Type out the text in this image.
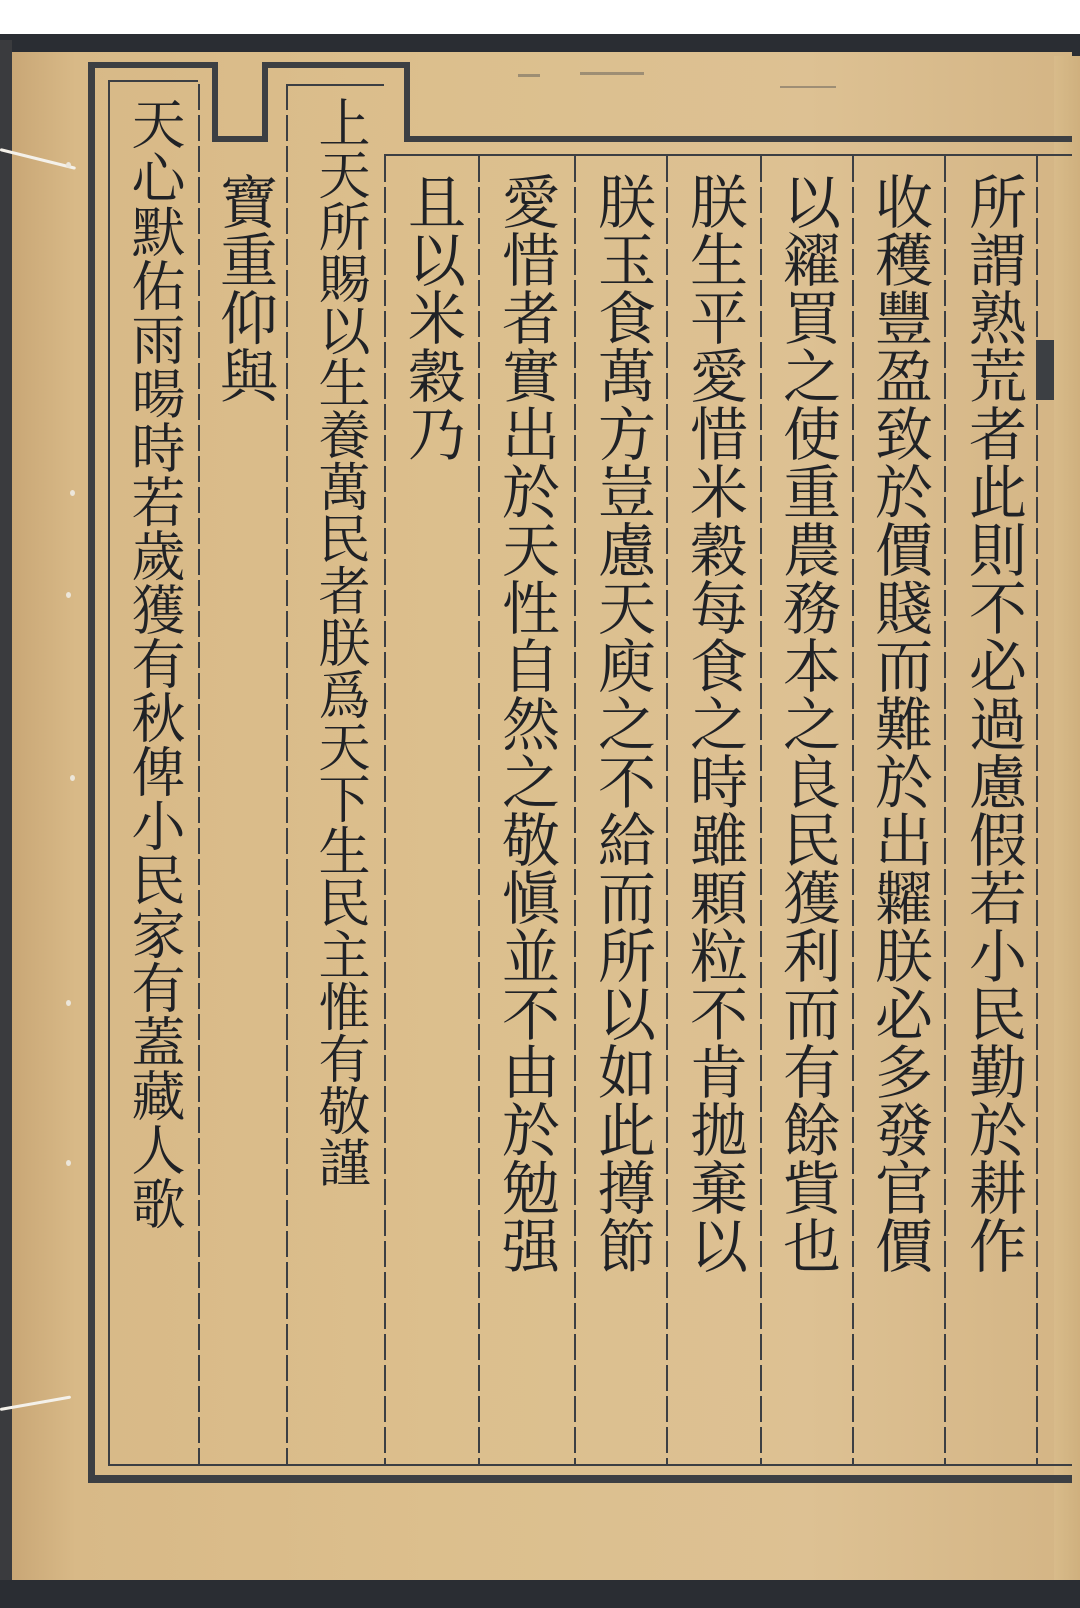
所謂熟荒者此則不必過慮假若小民勤於耕作
收穫豐盈致於價賤而難於出糶朕必多發官價
以糴買之使重農務本之良民獲利而有餘貲也
朕生平愛惜米穀每食之時雖顆粒不肯拋棄以
朕玉食萬方豈慮天庾之不給而所以如此撙節
愛惜者實出於天性自然之敬愼並不由於勉强
且以米穀乃
上天所賜以生養萬民者朕爲天下生民主惟有敬謹
寶重仰與
天心默佑雨暘時若歲獲有秋俾小民家有蓋藏人歌
